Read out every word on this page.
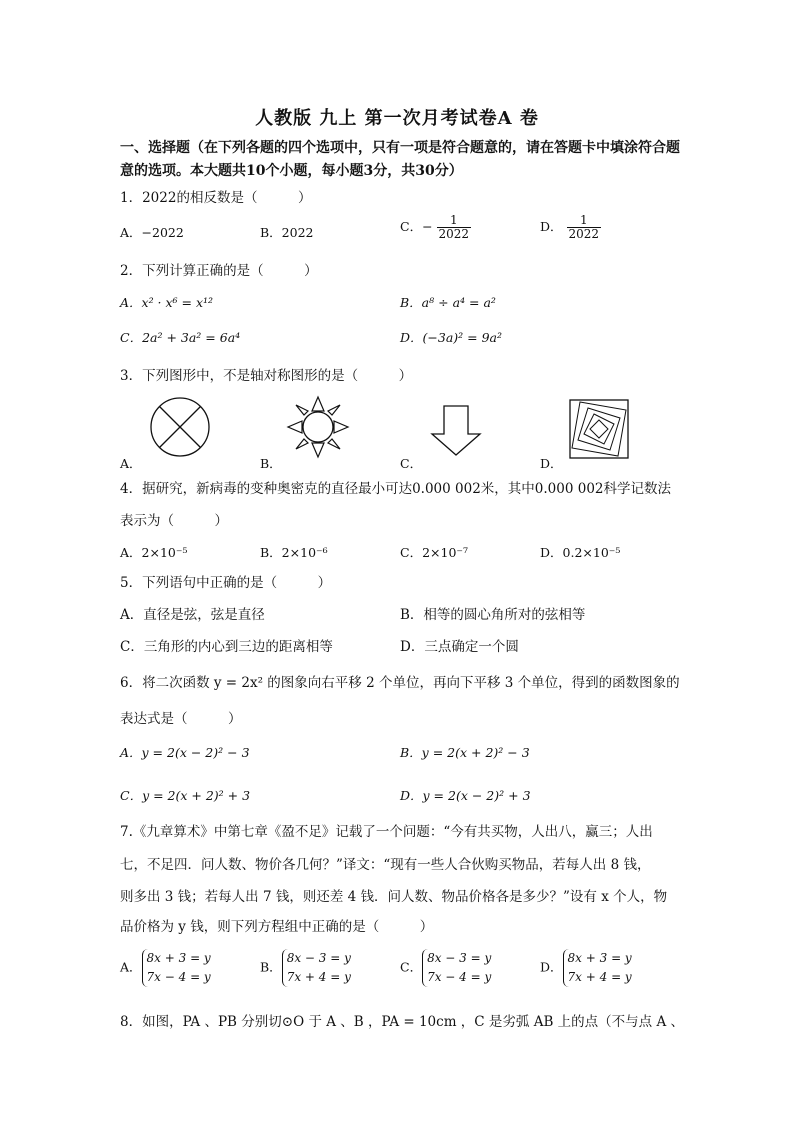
人教版 九上 第一次月考试卷A 卷
一、选择题（在下列各题的四个选项中，只有一项是符合题意的，请在答题卡中填涂符合题意的选项。本大题共10个小题，每小题3分，共30分）
1．2022的相反数是（　　　）
A．−2022	B．2022	C．− $\frac{1}{2022}$	D． $\frac{1}{2022}$
2．下列计算正确的是（　　　）
A．x² · x⁶ = x¹²	B．a⁸ ÷ a⁴ = a²
C．2a² + 3a² = 6a⁴	D．(−3a)² = 9a²
3．下列图形中，不是轴对称图形的是（　　　）
A．	B．	C．	D．
4．据研究，新病毒的变种奥密克的直径最小可达0.000 002米，其中0.000 002科学记数法
表示为（　　　）
A．2×10⁻⁵	B．2×10⁻⁶	C．2×10⁻⁷	D．0.2×10⁻⁵
5．下列语句中正确的是（　　　）
A．直径是弦，弦是直径	B．相等的圆心角所对的弦相等
C．三角形的内心到三边的距离相等	D．三点确定一个圆
6．将二次函数 y = 2x² 的图象向右平移 2 个单位，再向下平移 3 个单位，得到的函数图象的
表达式是（　　　）
A．y = 2(x − 2)² − 3	B．y = 2(x + 2)² − 3
C．y = 2(x + 2)² + 3	D．y = 2(x − 2)² + 3
7.《九章算术》中第七章《盈不足》记载了一个问题：“今有共买物，人出八，赢三；人出
七，不足四．问人数、物价各几何？”译文：“现有一些人合伙购买物品，若每人出 8 钱，
则多出 3 钱；若每人出 7 钱，则还差 4 钱．问人数、物品价格各是多少？”设有 x 个人，物
品价格为 y 钱，则下列方程组中正确的是（　　　）
A．
8x + 3 = y
7x − 4 = y
B．
8x − 3 = y
7x + 4 = y
C．
8x − 3 = y
7x − 4 = y
D．
8x + 3 = y
7x + 4 = y
8．如图，PA 、PB 分别切⊙O 于 A 、B ，PA = 10cm ，C 是劣弧 AB 上的点（不与点 A 、
